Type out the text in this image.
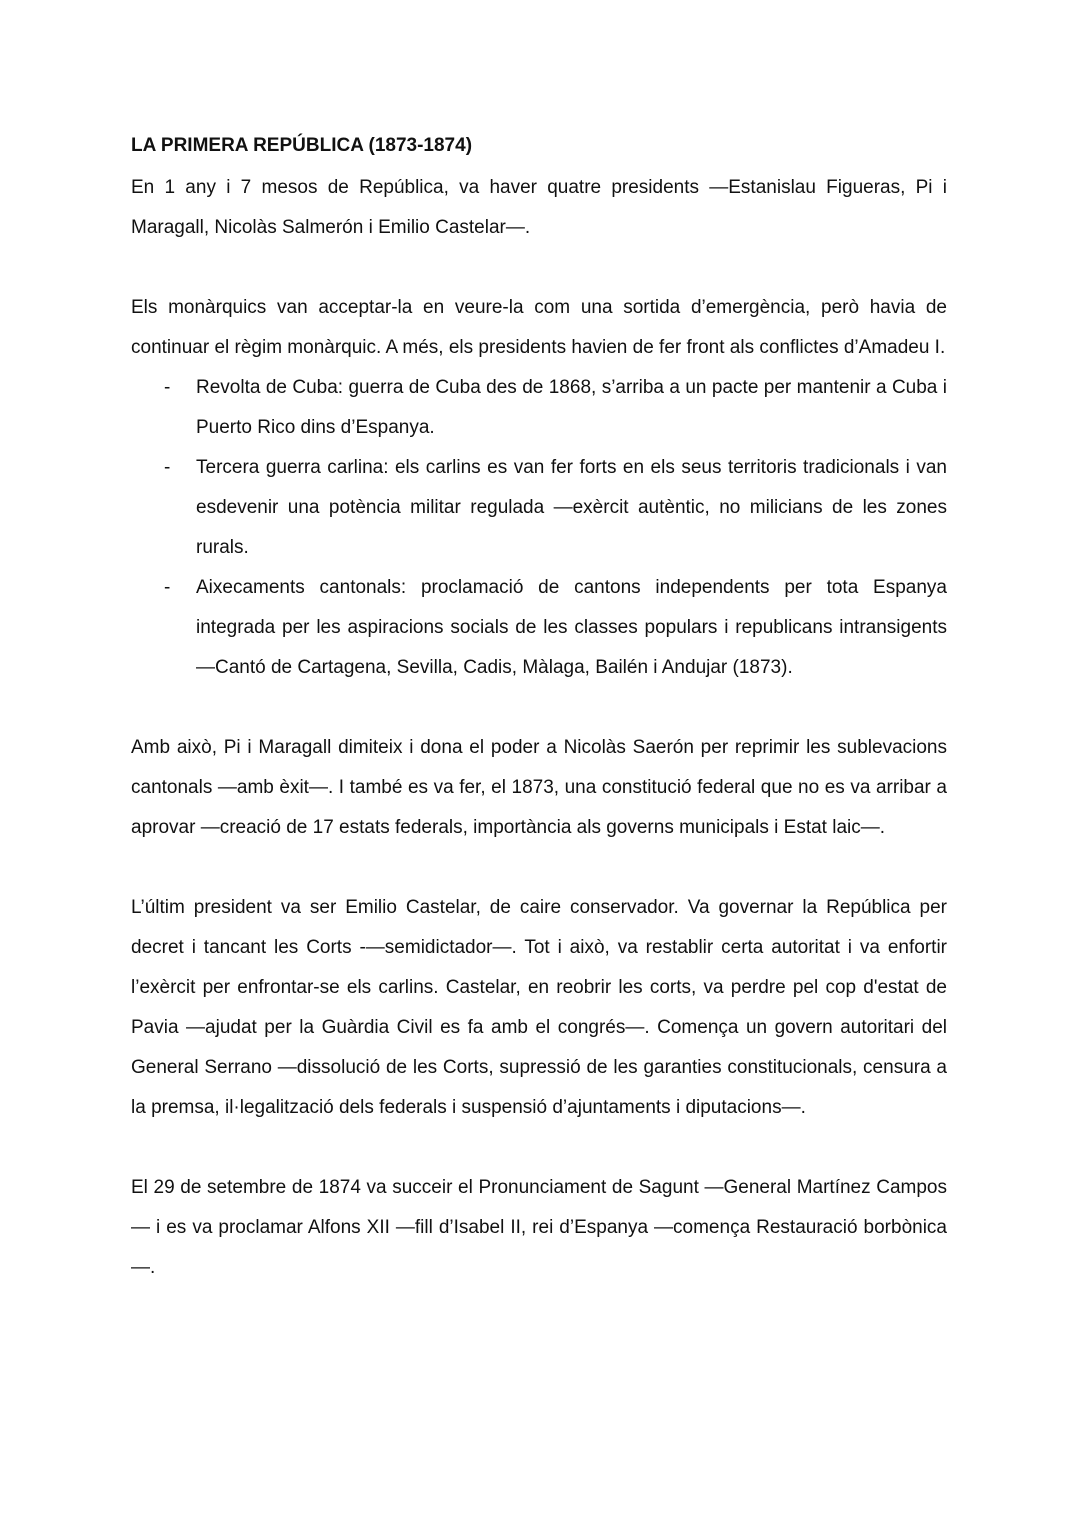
LA PRIMERA REPÚBLICA (1873-1874)

En 1 any i 7 mesos de República, va haver quatre presidents —Estanislau Figueras, Pi i Maragall, Nicolàs Salmerón i Emilio Castelar—.

Els monàrquics van acceptar-la en veure-la com una sortida d’emergència, però havia de continuar el règim monàrquic. A més, els presidents havien de fer front als conflictes d’Amadeu I.

- Revolta de Cuba: guerra de Cuba des de 1868, s’arriba a un pacte per mantenir a Cuba i Puerto Rico dins d’Espanya.
- Tercera guerra carlina: els carlins es van fer forts en els seus territoris tradicionals i van esdevenir una potència militar regulada —exèrcit autèntic, no milicians de les zones rurals.
- Aixecaments cantonals: proclamació de cantons independents per tota Espanya integrada per les aspiracions socials de les classes populars i republicans intransigents —Cantó de Cartagena, Sevilla, Cadis, Màlaga, Bailén i Andujar (1873).

Amb això, Pi i Maragall dimiteix i dona el poder a Nicolàs Saerón per reprimir les sublevacions cantonals —amb èxit—. I també es va fer, el 1873, una constitució federal que no es va arribar a aprovar —creació de 17 estats federals, importància als governs municipals i Estat laic—.

L’últim president va ser Emilio Castelar, de caire conservador. Va governar la República per decret i tancant les Corts -—semidictador—. Tot i això, va restablir certa autoritat i va enfortir l’exèrcit per enfrontar-se els carlins. Castelar, en reobrir les corts, va perdre pel cop d'estat de Pavia —ajudat per la Guàrdia Civil es fa amb el congrés—. Comença un govern autoritari del General Serrano —dissolució de les Corts, supressió de les garanties constitucionals, censura a la premsa, il·legalització dels federals i suspensió d’ajuntaments i diputacions—.

El 29 de setembre de 1874 va succeir el Pronunciament de Sagunt —General Martínez Campos— i es va proclamar Alfons XII —fill d’Isabel II, rei d’Espanya —comença Restauració borbònica—.
